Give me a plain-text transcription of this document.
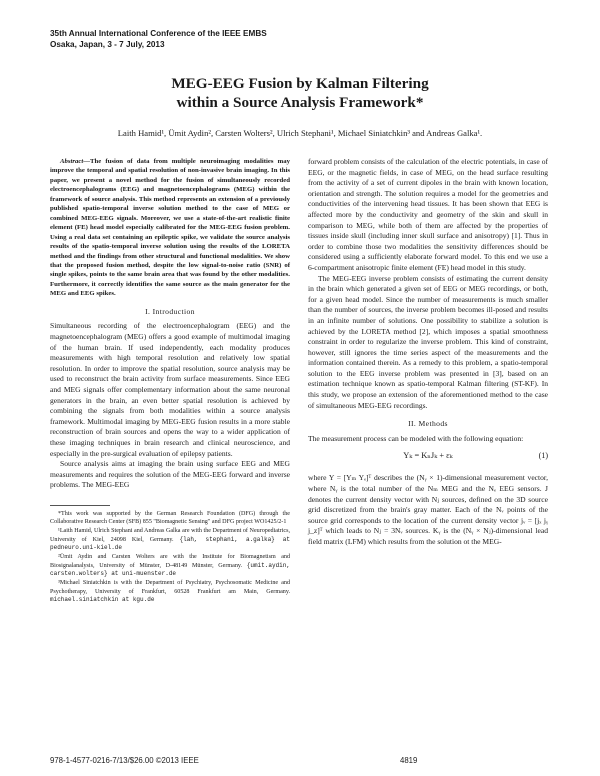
35th Annual International Conference of the IEEE EMBS
Osaka, Japan, 3 - 7 July, 2013
MEG-EEG Fusion by Kalman Filtering
within a Source Analysis Framework*
Laith Hamid¹, Ümit Aydin², Carsten Wolters², Ulrich Stephani¹, Michael Siniatchkin³ and Andreas Galka¹.

Abstract—The fusion of data from multiple neuroimaging modalities may improve the temporal and spatial resolution of non-invasive brain imaging. In this paper, we present a novel method for the fusion of simultaneously recorded electroencephalograms (EEG) and magnetoencephalograms (MEG) within the framework of source analysis. This method represents an extension of a previously published spatio-temporal inverse solution method to the case of MEG or combined MEG-EEG signals. Moreover, we use a state-of-the-art realistic finite element (FE) head model especially calibrated for the MEG-EEG fusion problem. Using a real data set containing an epileptic spike, we validate the source analysis results of the spatio-temporal inverse solution using the results of the LORETA method and the findings from other structural and functional modalities. We show that the proposed fusion method, despite the low signal-to-noise ratio (SNR) of single spikes, points to the same brain area that was found by the other modalities. Furthermore, it correctly identifies the same source as the main generator for the MEG and EEG spikes.

I. Introduction

Simultaneous recording of the electroencephalogram (EEG) and the magnetoencephalogram (MEG) offers a good example of multimodal imaging of the human brain. If used independently, each modality produces measurements with high temporal resolution and relatively low spatial resolution. In order to improve the spatial resolution, source analysis may be used to reconstruct the brain activity from surface measurements. Since EEG and MEG signals offer complementary information about the same neuronal generators in the brain, an even better spatial resolution is achieved by combining the signals from both modalities within a source analysis framework. Multimodal imaging by MEG-EEG fusion results in a more stable reconstruction of brain sources and opens the way to a wider application of these imaging techniques in brain research and clinical neuroscience, and especially in the pre-surgical evaluation of epilepsy patients.

Source analysis aims at imaging the brain using surface EEG and MEG measurements and requires the solution of the MEG-EEG forward and inverse problems. The MEG-EEG

*This work was supported by the German Research Foundation (DFG) through the Collaborative Research Center (SFB) 855 "Biomagnetic Sensing" and DFG project WO1425/2-1

¹Laith Hamid, Ulrich Stephani and Andreas Galka are with the Department of Neuropediatrics, University of Kiel, 24098 Kiel, Germany. {lah, stephani, a.galka} at pedneuro.uni-kiel.de

²Ümit Aydin and Carsten Wolters are with the Institute for Biomagnetism and Biosignalanalysis, University of Münster, D-48149 Münster, Germany. {umit.aydin, carsten.wolters} at uni-muenster.de

³Michael Siniatchkin is with the Department of Psychiatry, Psychosomatic Medicine and Psychotherapy, University of Frankfurt, 60528 Frankfurt am Main, Germany. michael.siniatchkin at kgu.de

forward problem consists of the calculation of the electric potentials, in case of EEG, or the magnetic fields, in case of MEG, on the head surface resulting from the activity of a set of current dipoles in the brain with known location, orientation and strength. The solution requires a model for the geometries and conductivities of the intervening head tissues. It has been shown that EEG is affected more by the conductivity and geometry of the skin and skull in comparison to MEG, while both of them are affected by the properties of tissues inside skull (including inner skull surface and anisotropy) [1]. Thus in order to combine those two modalities the sensitivity differences should be considered using a sufficiently elaborate forward model. To this end we use a 6-compartment anisotropic finite element (FE) head model in this study.

The MEG-EEG inverse problem consists of estimating the current density in the brain which generated a given set of EEG or MEG recordings, or both, for a given head model. Since the number of measurements is much smaller than the number of sources, the inverse problem becomes ill-posed and results in an infinite number of solutions. One possibility to stabilize a solution is achieved by the LORETA method [2], which imposes a spatial smoothness constraint in order to regularize the inverse problem. This kind of constraint, however, still ignores the time series aspect of the measurements and the information contained therein. As a remedy to this problem, a spatio-temporal solution to the EEG inverse problem was presented in [3], based on an estimation technique known as spatio-temporal Kalman filtering (ST-KF). In this study, we propose an extension of the aforementioned method to the case of simultaneous MEG-EEG recordings.

II. Methods

The measurement process can be modeled with the following equation:

Yₖ = KₙJₖ + εₖ	(1)

where Y = [Yₘ Yₑ]ᵀ describes the (Nᵧ × 1)-dimensional measurement vector, where Nᵧ is the total number of the Nₘ MEG and the Nₑ EEG sensors. J denotes the current density vector with Nⱼ sources, defined on the 3D source grid discretized from the brain's gray matter. Each of the Nᵥ points of the source grid corresponds to the location of the current density vector jᵥ = [jₓ jᵧ j_z]ᵀ which leads to Nⱼ = 3Nᵥ sources. Kᵧ is the (Nᵧ × Nⱼ)-dimensional lead field matrix (LFM) which results from the solution ot the MEG-

978-1-4577-0216-7/13/$26.00 ©2013 IEEE	4819
